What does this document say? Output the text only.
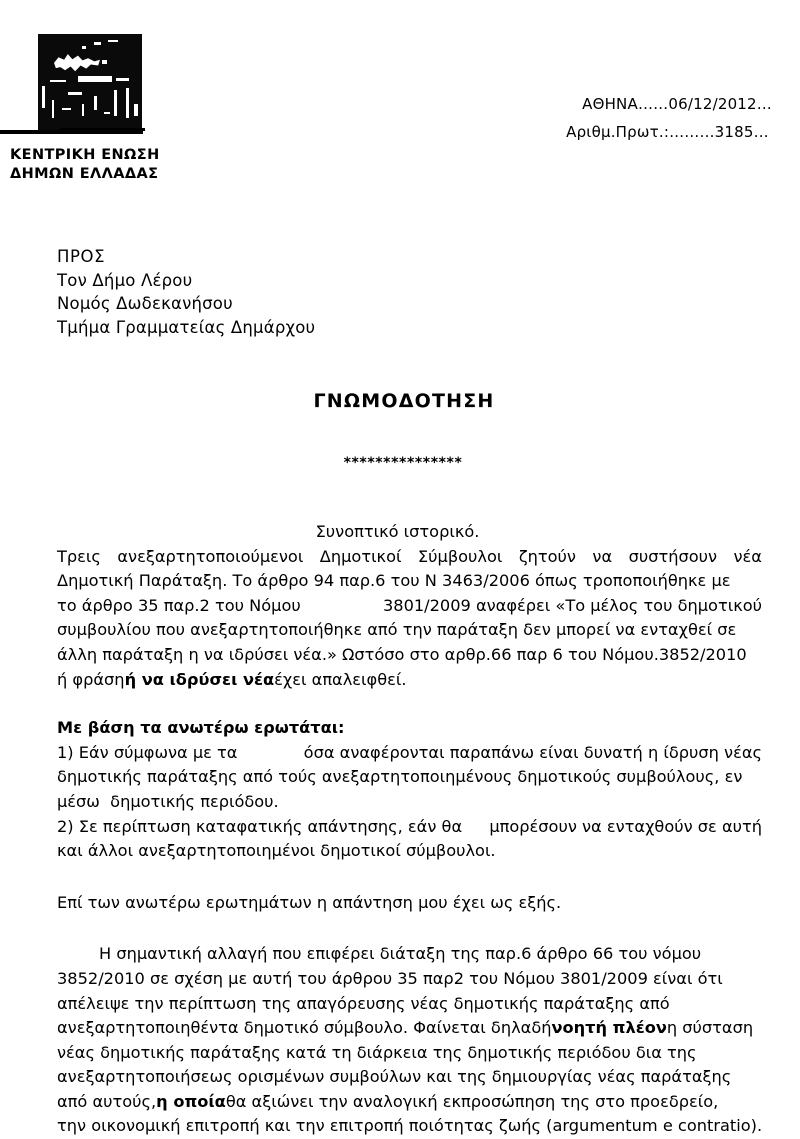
ΚΕΝΤΡΙΚΗ ΕΝΩΣΗ
ΔΗΜΩΝ ΕΛΛΑΔΑΣ
ΑΘΗΝΑ……06/12/2012…
Αριθμ.Πρωτ.:………3185…
ΠΡΟΣ
Τον Δήμο Λέρου
Νομός Δωδεκανήσου
Τμήμα Γραμματείας Δημάρχου
ΓΝΩΜΟΔΟΤΗΣΗ
***************
Συνοπτικό ιστορικό.
Τρεις ανεξαρτητοποιούμενοι Δημοτικοί Σύμβουλοι ζητούν να συστήσουν νέα
Δημοτική Παράταξη. Το άρθρο 94 παρ.6 του Ν 3463/2006 όπως τροποποιήθηκε με
το άρθρο 35 παρ.2 του Νόμου	3801/2009 αναφέρει «Το μέλος του δημοτικού
συμβουλίου που ανεξαρτητοποιήθηκε από την παράταξη δεν μπορεί να ενταχθεί σε
άλλη παράταξη η να ιδρύσει νέα.» Ωστόσο στο αρθρ.66 παρ 6 του Νόμου.3852/2010
ή φράσηή να ιδρύσει νέαέχει απαλειφθεί.
Με βάση τα ανωτέρω ερωτάται:
1) Εάν σύμφωνα με τα	όσα αναφέρονται παραπάνω είναι δυνατή η ίδρυση νέας
δημοτικής παράταξης από τούς ανεξαρτητοποιημένους δημοτικούς συμβούλους, εν
μέσω δημοτικής περιόδου.
2) Σε περίπτωση καταφατικής απάντησης, εάν θα μπορέσουν να ενταχθούν σε αυτή
και άλλοι ανεξαρτητοποιημένοι δημοτικοί σύμβουλοι.
Επί των ανωτέρω ερωτημάτων η απάντηση μου έχει ως εξής.
Η σημαντική αλλαγή που επιφέρει διάταξη της παρ.6 άρθρο 66 του νόμου
3852/2010 σε σχέση με αυτή του άρθρου 35 παρ2 του Νόμου 3801/2009 είναι ότι
απέλειψε την περίπτωση της απαγόρευσης νέας δημοτικής παράταξης από
ανεξαρτητοποιηθέντα δημοτικό σύμβουλο. Φαίνεται δηλαδήνοητή πλέονη σύσταση
νέας δημοτικής παράταξης κατά τη διάρκεια της δημοτικής περιόδου δια της
ανεξαρτητοποιήσεως ορισμένων συμβούλων και της δημιουργίας νέας παράταξης
από αυτούς,η οποίαθα αξιώνει την αναλογική εκπροσώπηση της στο προεδρείο,
την οικονομική επιτροπή και την επιτροπή ποιότητας ζωής (argumentum e contratio).
